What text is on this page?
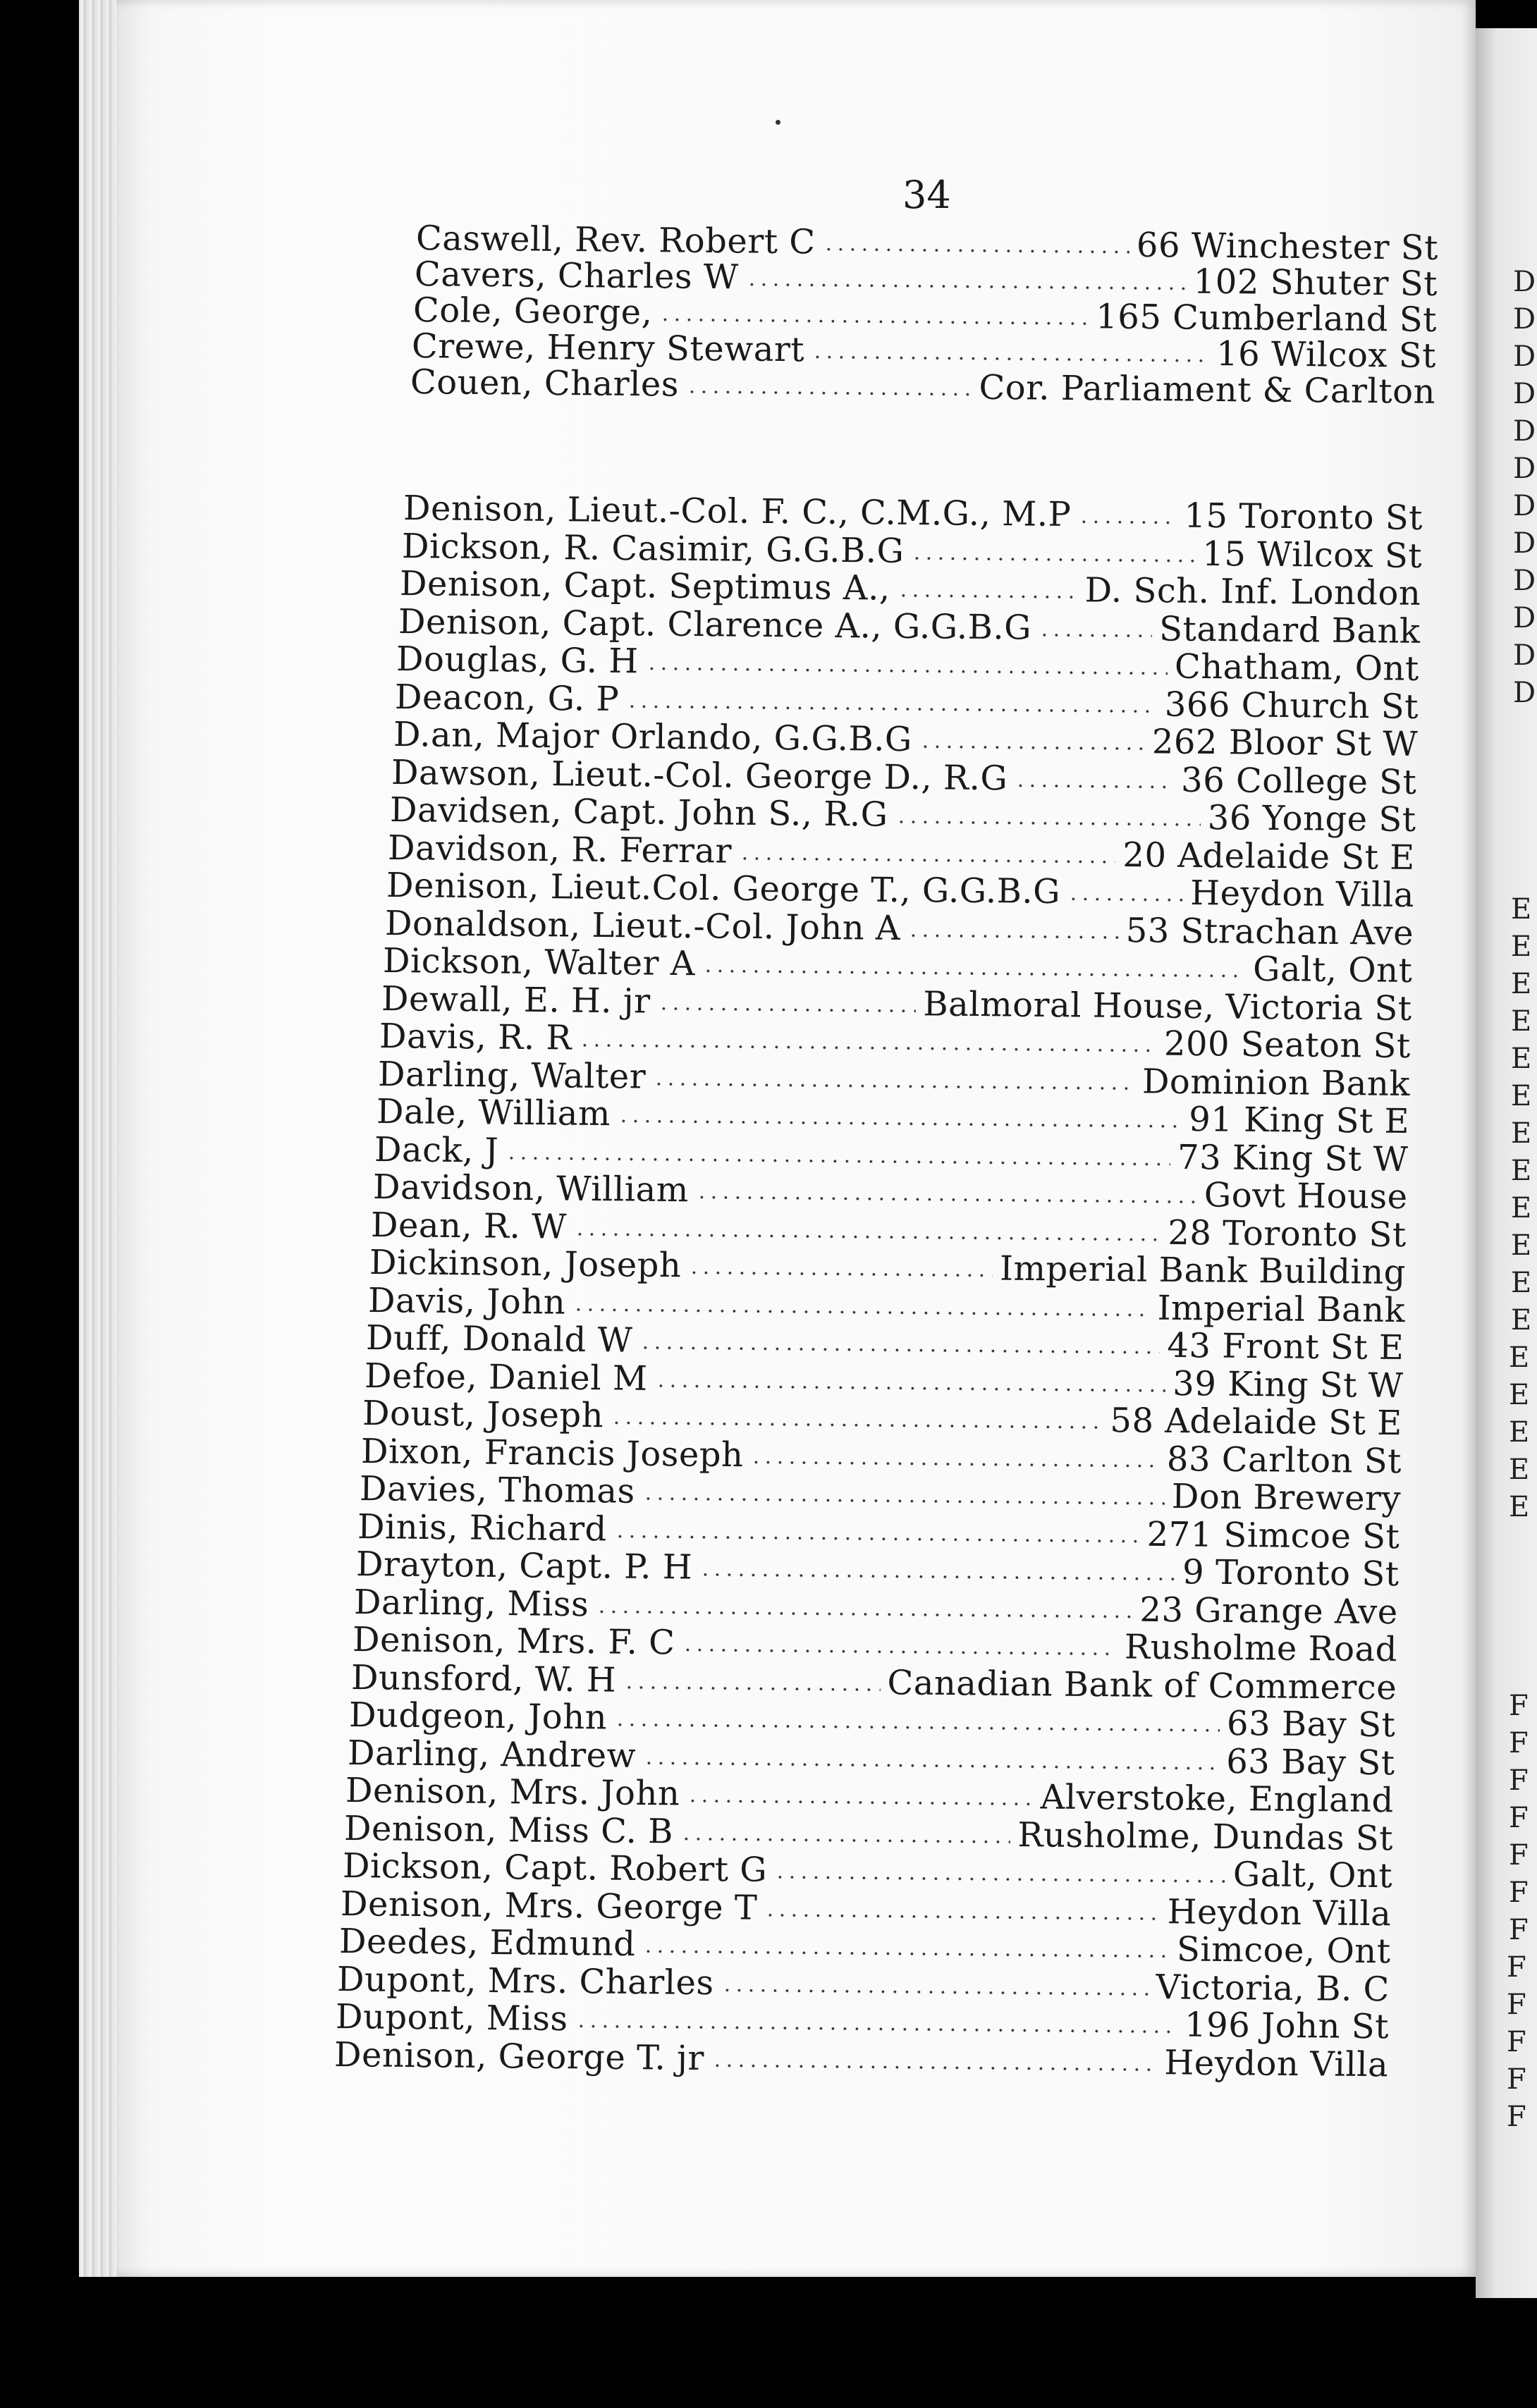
D
D
D
D
D
D
D
D
D
D
D
D
E
E
E
E
E
E
E
E
E
E
E
E
E
E
E
E
E
F
F
F
F
F
F
F
F
F
F
F
F
34
Caswell, Rev. Robert C	66 Winchester St
Cavers, Charles W	102 Shuter St
Cole, George,	165 Cumberland St
Crewe, Henry Stewart	16 Wilcox St
Couen, Charles	Cor. Parliament & Carlton
Denison, Lieut.-Col. F. C., C.M.G., M.P	15 Toronto St
Dickson, R. Casimir, G.G.B.G	15 Wilcox St
Denison, Capt. Septimus A.,	D. Sch. Inf. London
Denison, Capt. Clarence A., G.G.B.G	Standard Bank
Douglas, G. H	Chatham, Ont
Deacon, G. P	366 Church St
D.an, Major Orlando, G.G.B.G	262 Bloor St W
Dawson, Lieut.-Col. George D., R.G	36 College St
Davidsen, Capt. John S., R.G	36 Yonge St
Davidson, R. Ferrar	20 Adelaide St E
Denison, Lieut.Col. George T., G.G.B.G	Heydon Villa
Donaldson, Lieut.-Col. John A	53 Strachan Ave
Dickson, Walter A	Galt, Ont
Dewall, E. H. jr	Balmoral House, Victoria St
Davis, R. R	200 Seaton St
Darling, Walter	Dominion Bank
Dale, William	91 King St E
Dack, J	73 King St W
Davidson, William	Govt House
Dean, R. W	28 Toronto St
Dickinson, Joseph	Imperial Bank Building
Davis, John	Imperial Bank
Duff, Donald W	43 Front St E
Defoe, Daniel M	39 King St W
Doust, Joseph	58 Adelaide St E
Dixon, Francis Joseph	83 Carlton St
Davies, Thomas	Don Brewery
Dinis, Richard	271 Simcoe St
Drayton, Capt. P. H	9 Toronto St
Darling, Miss	23 Grange Ave
Denison, Mrs. F. C	Rusholme Road
Dunsford, W. H	Canadian Bank of Commerce
Dudgeon, John	63 Bay St
Darling, Andrew	63 Bay St
Denison, Mrs. John	Alverstoke, England
Denison, Miss C. B	Rusholme, Dundas St
Dickson, Capt. Robert G	Galt, Ont
Denison, Mrs. George T	Heydon Villa
Deedes, Edmund	Simcoe, Ont
Dupont, Mrs. Charles	Victoria, B. C
Dupont, Miss	196 John St
Denison, George T. jr	Heydon Villa
